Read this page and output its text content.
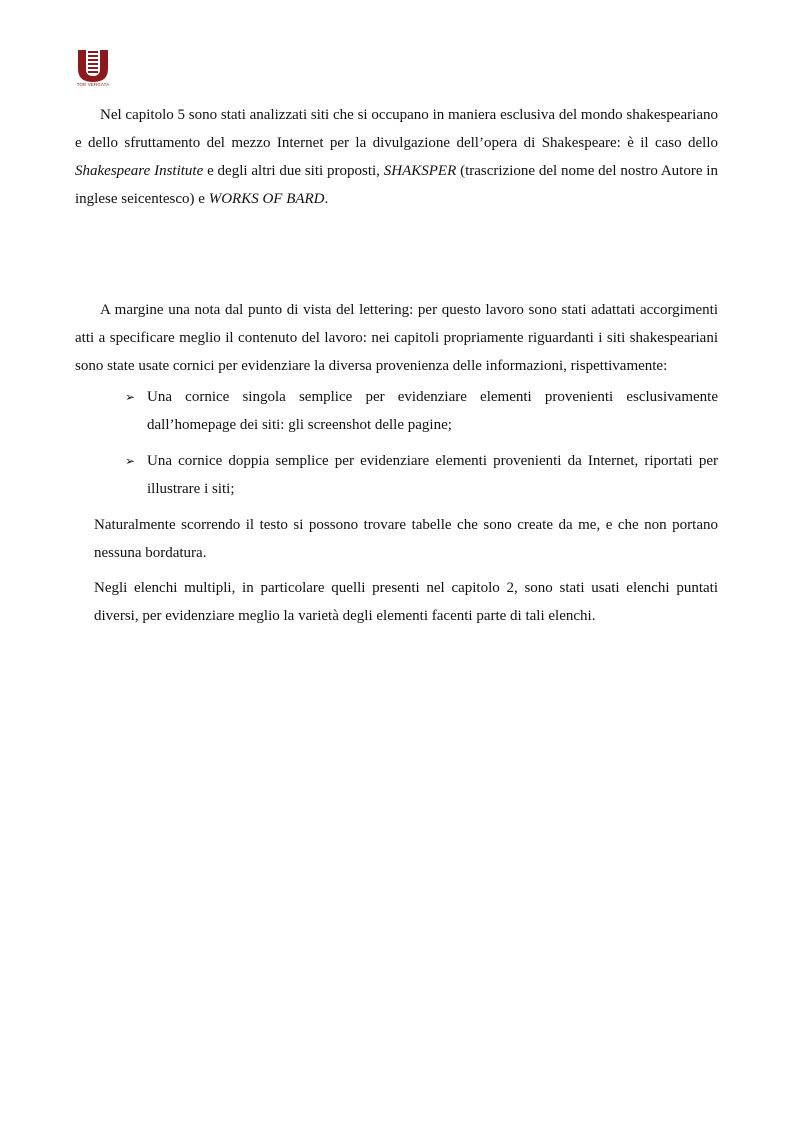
TOR VERGATA

Nel capitolo 5 sono stati analizzati siti che si occupano in maniera esclusiva del mondo shakespeariano e dello sfruttamento del mezzo Internet per la divulgazione dell’opera di Shakespeare: è il caso dello Shakespeare Institute e degli altri due siti proposti, SHAKSPER (trascrizione del nome del nostro Autore in inglese seicentesco) e WORKS OF BARD.

A margine una nota dal punto di vista del lettering: per questo lavoro sono stati adattati accorgimenti atti a specificare meglio il contenuto del lavoro: nei capitoli propriamente riguardanti i siti shakespeariani sono state usate cornici per evidenziare la diversa provenienza delle informazioni, rispettivamente:

➢ Una cornice singola semplice per evidenziare elementi provenienti esclusivamente dall’homepage dei siti: gli screenshot delle pagine;
➢ Una cornice doppia semplice per evidenziare elementi provenienti da Internet, riportati per illustrare i siti;

Naturalmente scorrendo il testo si possono trovare tabelle che sono create da me, e che non portano nessuna bordatura.

Negli elenchi multipli, in particolare quelli presenti nel capitolo 2, sono stati usati elenchi puntati diversi, per evidenziare meglio la varietà degli elementi facenti parte di tali elenchi.
